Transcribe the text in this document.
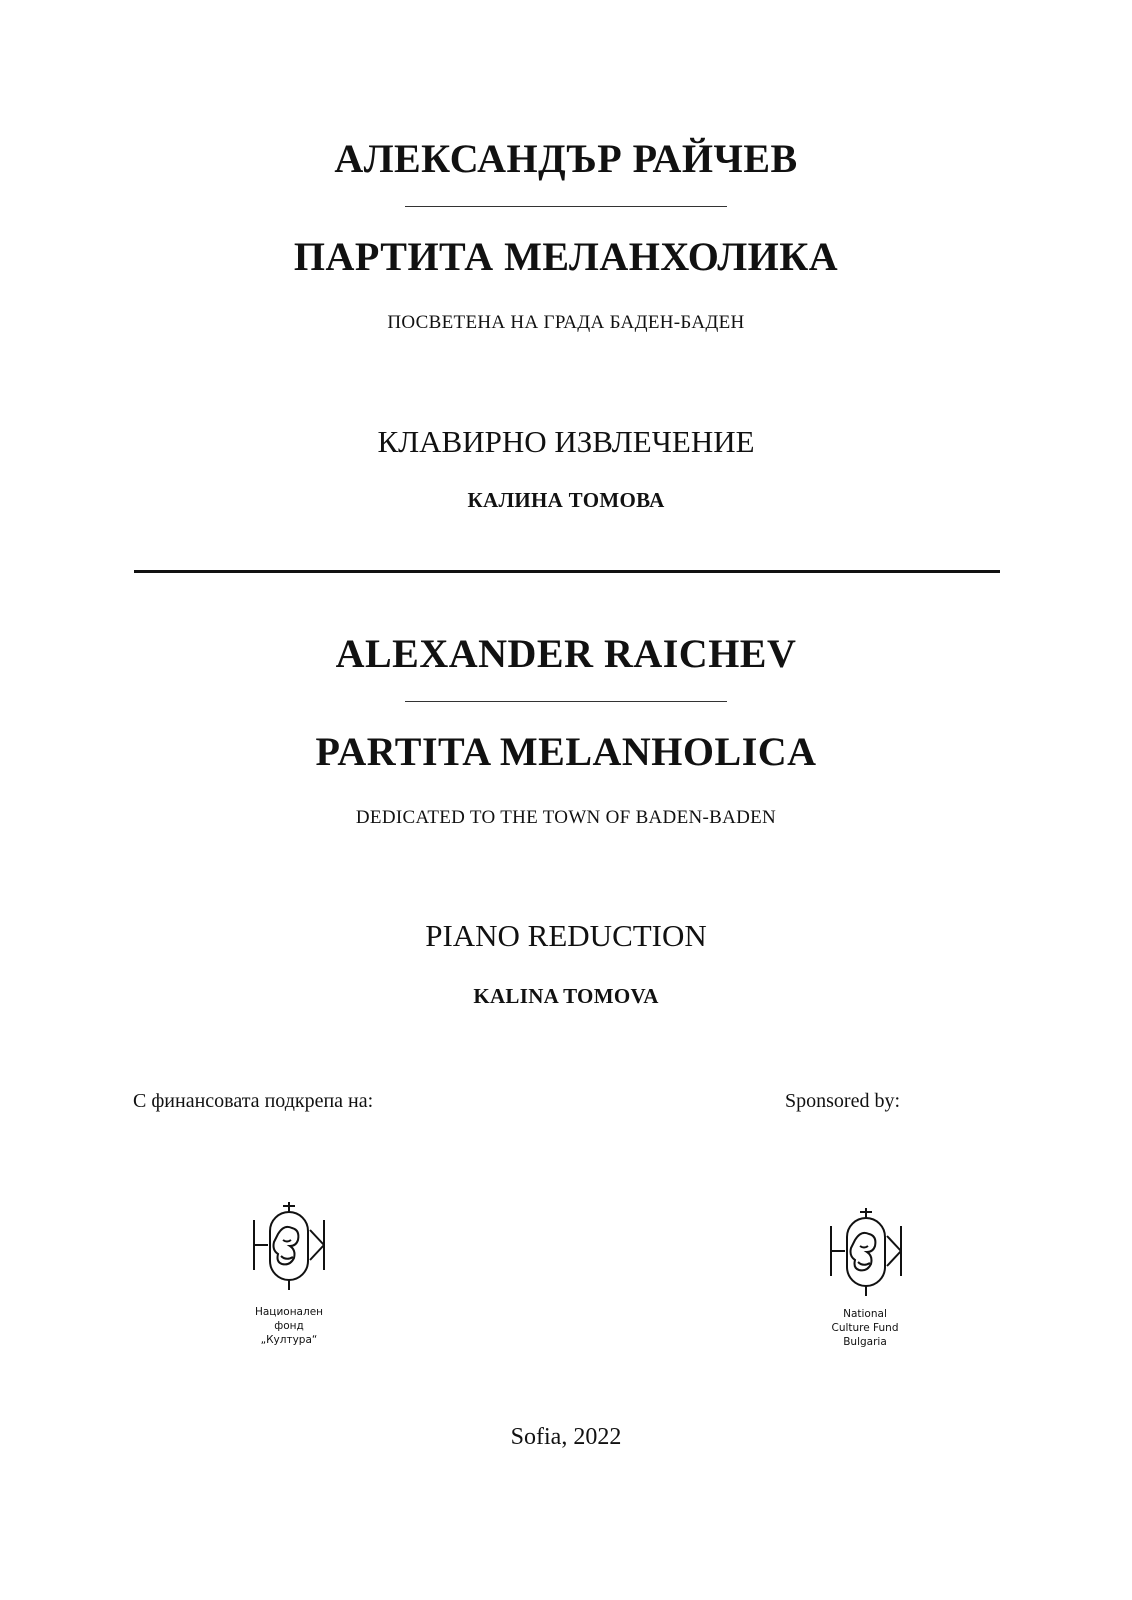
АЛЕКСАНДЪР РАЙЧЕВ
ПАРТИТА МЕЛАНХОЛИКА
ПОСВЕТЕНА НА ГРАДА БАДЕН-БАДЕН
КЛАВИРНО ИЗВЛЕЧЕНИЕ
КАЛИНА ТОМОВА
ALEXANDER RAICHEV
PARTITA MELANHOLICA
DEDICATED TO THE TOWN OF BADEN-BADEN
PIANO REDUCTION
KALINA TOMOVA
С финансовата подкрепа на:	Sponsored by:
Национален
фонд
„Култура“
National
Culture Fund
Bulgaria
Sofia, 2022
